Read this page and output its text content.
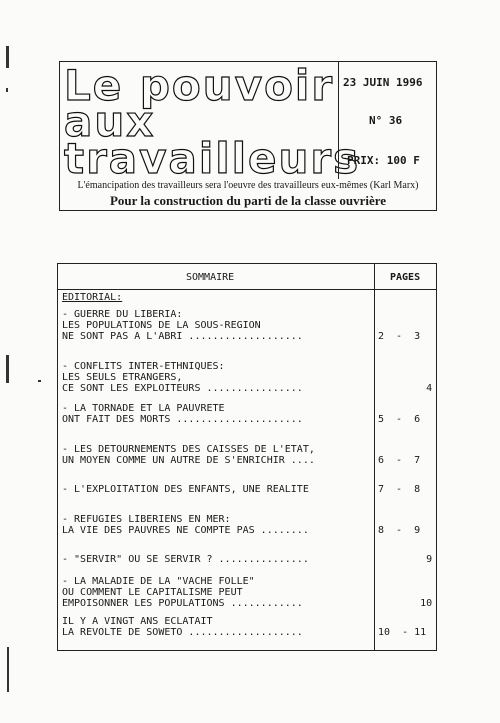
Le pouvoir
aux
travailleurs
23 JUIN 1996
N° 36
PRIX: 100 F
L'émancipation des travailleurs sera l'oeuvre des travailleurs eux-mêmes (Karl Marx)
Pour la construction du parti de la classe ouvrière
SOMMAIRE	PAGES
EDITORIAL:
- GUERRE DU LIBERIA:
LES POPULATIONS DE LA SOUS-REGION
NE SONT PAS A L'ABRI ...................	2  -  3
- CONFLITS INTER-ETHNIQUES:
LES SEULS ETRANGERS,
CE SONT LES EXPLOITEURS ................	4
- LA TORNADE ET LA PAUVRETE
ONT FAIT DES MORTS .....................	5  -  6
- LES DETOURNEMENTS DES CAISSES DE L'ETAT,
UN MOYEN COMME UN AUTRE DE S'ENRICHIR ....	6  -  7
- L'EXPLOITATION DES ENFANTS, UNE REALITE	7  -  8
- REFUGIES LIBERIENS EN MER:
LA VIE DES PAUVRES NE COMPTE PAS ........	8  -  9
- "SERVIR" OU SE SERVIR ? ...............	9
- LA MALADIE DE LA "VACHE FOLLE"
OU COMMENT LE CAPITALISME PEUT
EMPOISONNER LES POPULATIONS ............	10
IL Y A VINGT ANS ECLATAIT
LA REVOLTE DE SOWETO ...................	10  - 11
